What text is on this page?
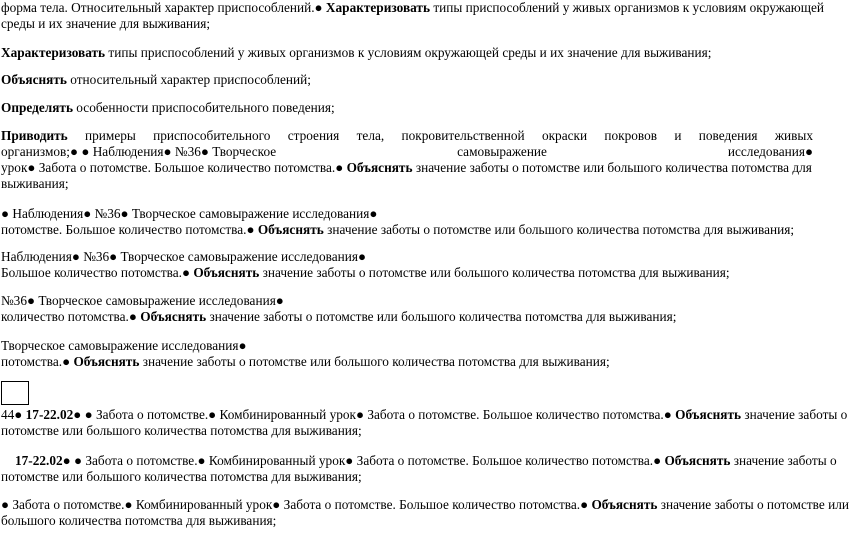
форма тела. Относительный характер приспособлений.● Характеризовать типы приспособлений у живых организмов к условиям окружающей
среды и их значение для выживания;

Характеризовать типы приспособлений у живых организмов к условиям окружающей среды и их значение для выживания;

Объяснять относительный характер приспособлений;

Определять особенности приспособительного поведения;

Приводить примеры приспособительного строения тела, покровительственной окраски покровов и поведения живых
организмов;● ● Наблюдения● №36● Творческое	самовыражение	исследования●
урок● Забота о потомстве. Большое количество потомства.● Объяснять значение заботы о потомстве или большого количества потомства для
выживания;

● Наблюдения● №36● Творческое самовыражение исследования●
потомстве. Большое количество потомства.● Объяснять значение заботы о потомстве или большого количества потомства для выживания;

Наблюдения● №36● Творческое самовыражение исследования●
Большое количество потомства.● Объяснять значение заботы о потомстве или большого количества потомства для выживания;

№36● Творческое самовыражение исследования●
количество потомства.● Объяснять значение заботы о потомстве или большого количества потомства для выживания;

Творческое самовыражение исследования●
потомства.● Объяснять значение заботы о потомстве или большого количества потомства для выживания;

44● 17-22.02● ● Забота о потомстве.● Комбинированный урок● Забота о потомстве. Большое количество потомства.● Объяснять значение заботы о
потомстве или большого количества потомства для выживания;

17-22.02● ● Забота о потомстве.● Комбинированный урок● Забота о потомстве. Большое количество потомства.● Объяснять значение заботы о
потомстве или большого количества потомства для выживания;

● Забота о потомстве.● Комбинированный урок● Забота о потомстве. Большое количество потомства.● Объяснять значение заботы о потомстве или
большого количества потомства для выживания;
